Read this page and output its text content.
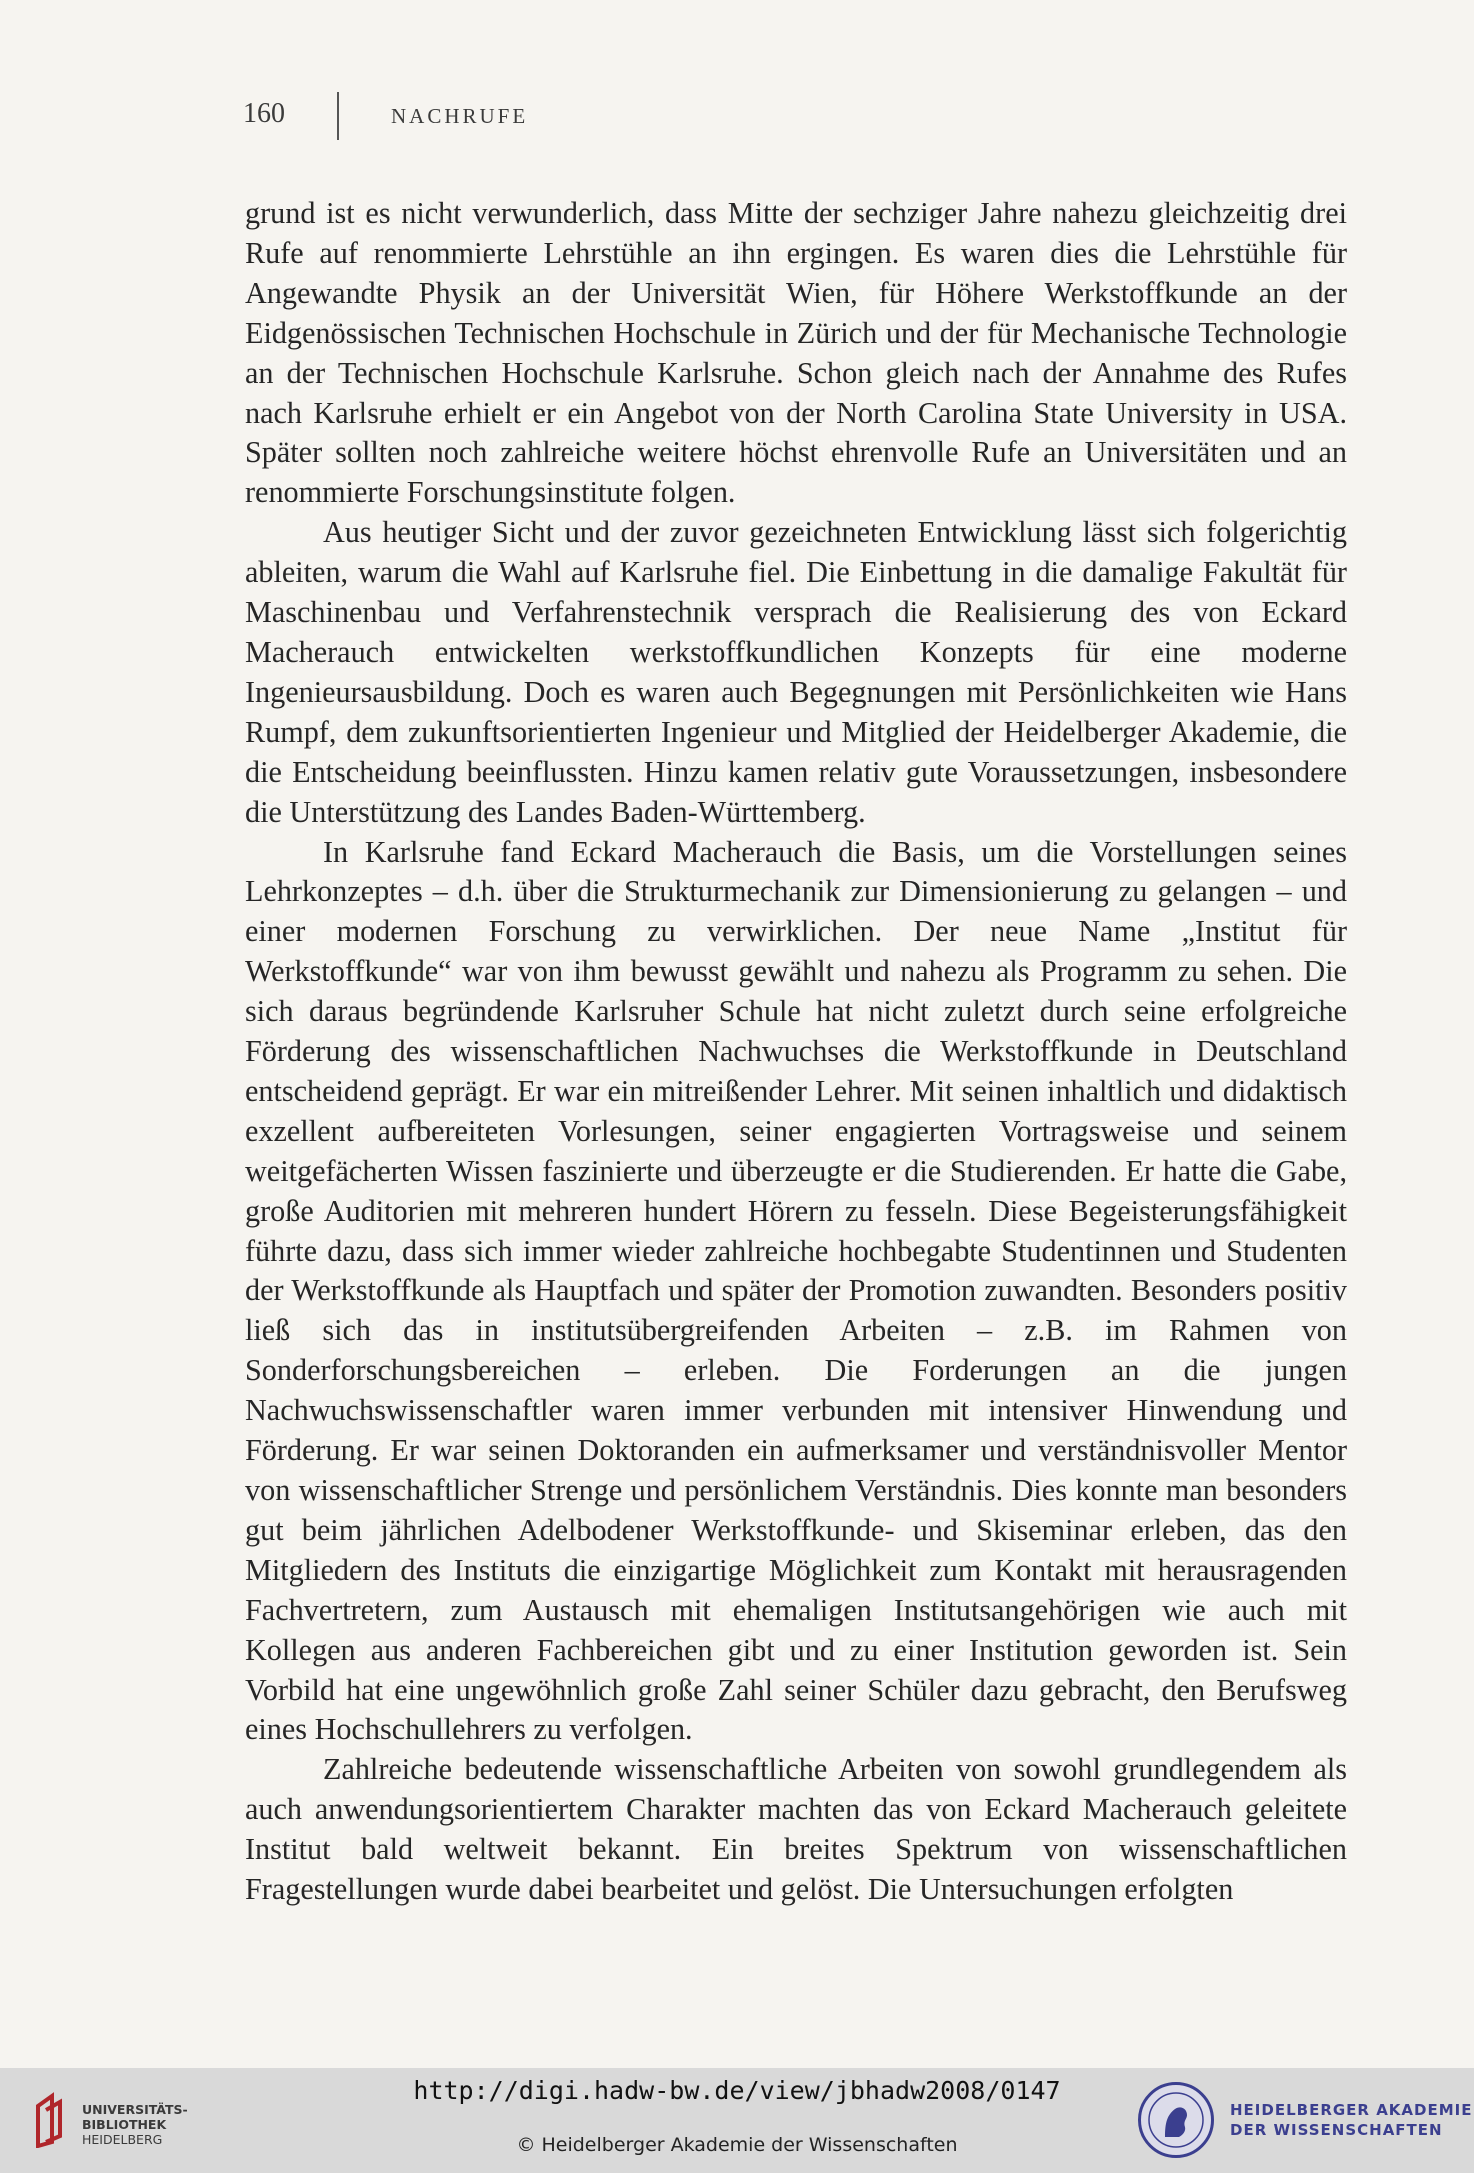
160	NACHRUFE

grund ist es nicht verwunderlich, dass Mitte der sechziger Jahre nahezu gleichzeitig drei Rufe auf renommierte Lehrstühle an ihn ergingen. Es waren dies die Lehrstühle für Angewandte Physik an der Universität Wien, für Höhere Werkstoffkunde an der Eidgenössischen Technischen Hochschule in Zürich und der für Mechanische Technologie an der Technischen Hochschule Karlsruhe. Schon gleich nach der Annahme des Rufes nach Karlsruhe erhielt er ein Angebot von der North Carolina State University in USA. Später sollten noch zahlreiche weitere höchst ehrenvolle Rufe an Universitäten und an renommierte Forschungsinstitute folgen.

Aus heutiger Sicht und der zuvor gezeichneten Entwicklung lässt sich folgerichtig ableiten, warum die Wahl auf Karlsruhe fiel. Die Einbettung in die damalige Fakultät für Maschinenbau und Verfahrenstechnik versprach die Realisierung des von Eckard Macherauch entwickelten werkstoffkundlichen Konzepts für eine moderne Ingenieursausbildung. Doch es waren auch Begegnungen mit Persönlichkeiten wie Hans Rumpf, dem zukunftsorientierten Ingenieur und Mitglied der Heidelberger Akademie, die die Entscheidung beeinflussten. Hinzu kamen relativ gute Voraussetzungen, insbesondere die Unterstützung des Landes Baden-Württemberg.

In Karlsruhe fand Eckard Macherauch die Basis, um die Vorstellungen seines Lehrkonzeptes – d.h. über die Strukturmechanik zur Dimensionierung zu gelangen – und einer modernen Forschung zu verwirklichen. Der neue Name „Institut für Werkstoffkunde“ war von ihm bewusst gewählt und nahezu als Programm zu sehen. Die sich daraus begründende Karlsruher Schule hat nicht zuletzt durch seine erfolgreiche Förderung des wissenschaftlichen Nachwuchses die Werkstoffkunde in Deutschland entscheidend geprägt. Er war ein mitreißender Lehrer. Mit seinen inhaltlich und didaktisch exzellent aufbereiteten Vorlesungen, seiner engagierten Vortragsweise und seinem weitgefächerten Wissen faszinierte und überzeugte er die Studierenden. Er hatte die Gabe, große Auditorien mit mehreren hundert Hörern zu fesseln. Diese Begeisterungsfähigkeit führte dazu, dass sich immer wieder zahlreiche hochbegabte Studentinnen und Studenten der Werkstoffkunde als Hauptfach und später der Promotion zuwandten. Besonders positiv ließ sich das in institutsübergreifenden Arbeiten – z.B. im Rahmen von Sonderforschungsbereichen – erleben. Die Forderungen an die jungen Nachwuchswissenschaftler waren immer verbunden mit intensiver Hinwendung und Förderung. Er war seinen Doktoranden ein aufmerksamer und verständnisvoller Mentor von wissenschaftlicher Strenge und persönlichem Verständnis. Dies konnte man besonders gut beim jährlichen Adelbodener Werkstoffkunde- und Skiseminar erleben, das den Mitgliedern des Instituts die einzigartige Möglichkeit zum Kontakt mit herausragenden Fachvertretern, zum Austausch mit ehemaligen Institutsangehörigen wie auch mit Kollegen aus anderen Fachbereichen gibt und zu einer Institution geworden ist. Sein Vorbild hat eine ungewöhnlich große Zahl seiner Schüler dazu gebracht, den Berufsweg eines Hochschullehrers zu verfolgen.

Zahlreiche bedeutende wissenschaftliche Arbeiten von sowohl grundlegendem als auch anwendungsorientiertem Charakter machten das von Eckard Macherauch geleitete Institut bald weltweit bekannt. Ein breites Spektrum von wissenschaftlichen Fragestellungen wurde dabei bearbeitet und gelöst. Die Untersuchungen erfolgten

UNIVERSITÄTS-
BIBLIOTHEK
HEIDELBERG
http://digi.hadw-bw.de/view/jbhadw2008/0147
© Heidelberger Akademie der Wissenschaften
HEIDELBERGER AKADEMIE
DER WISSENSCHAFTEN
